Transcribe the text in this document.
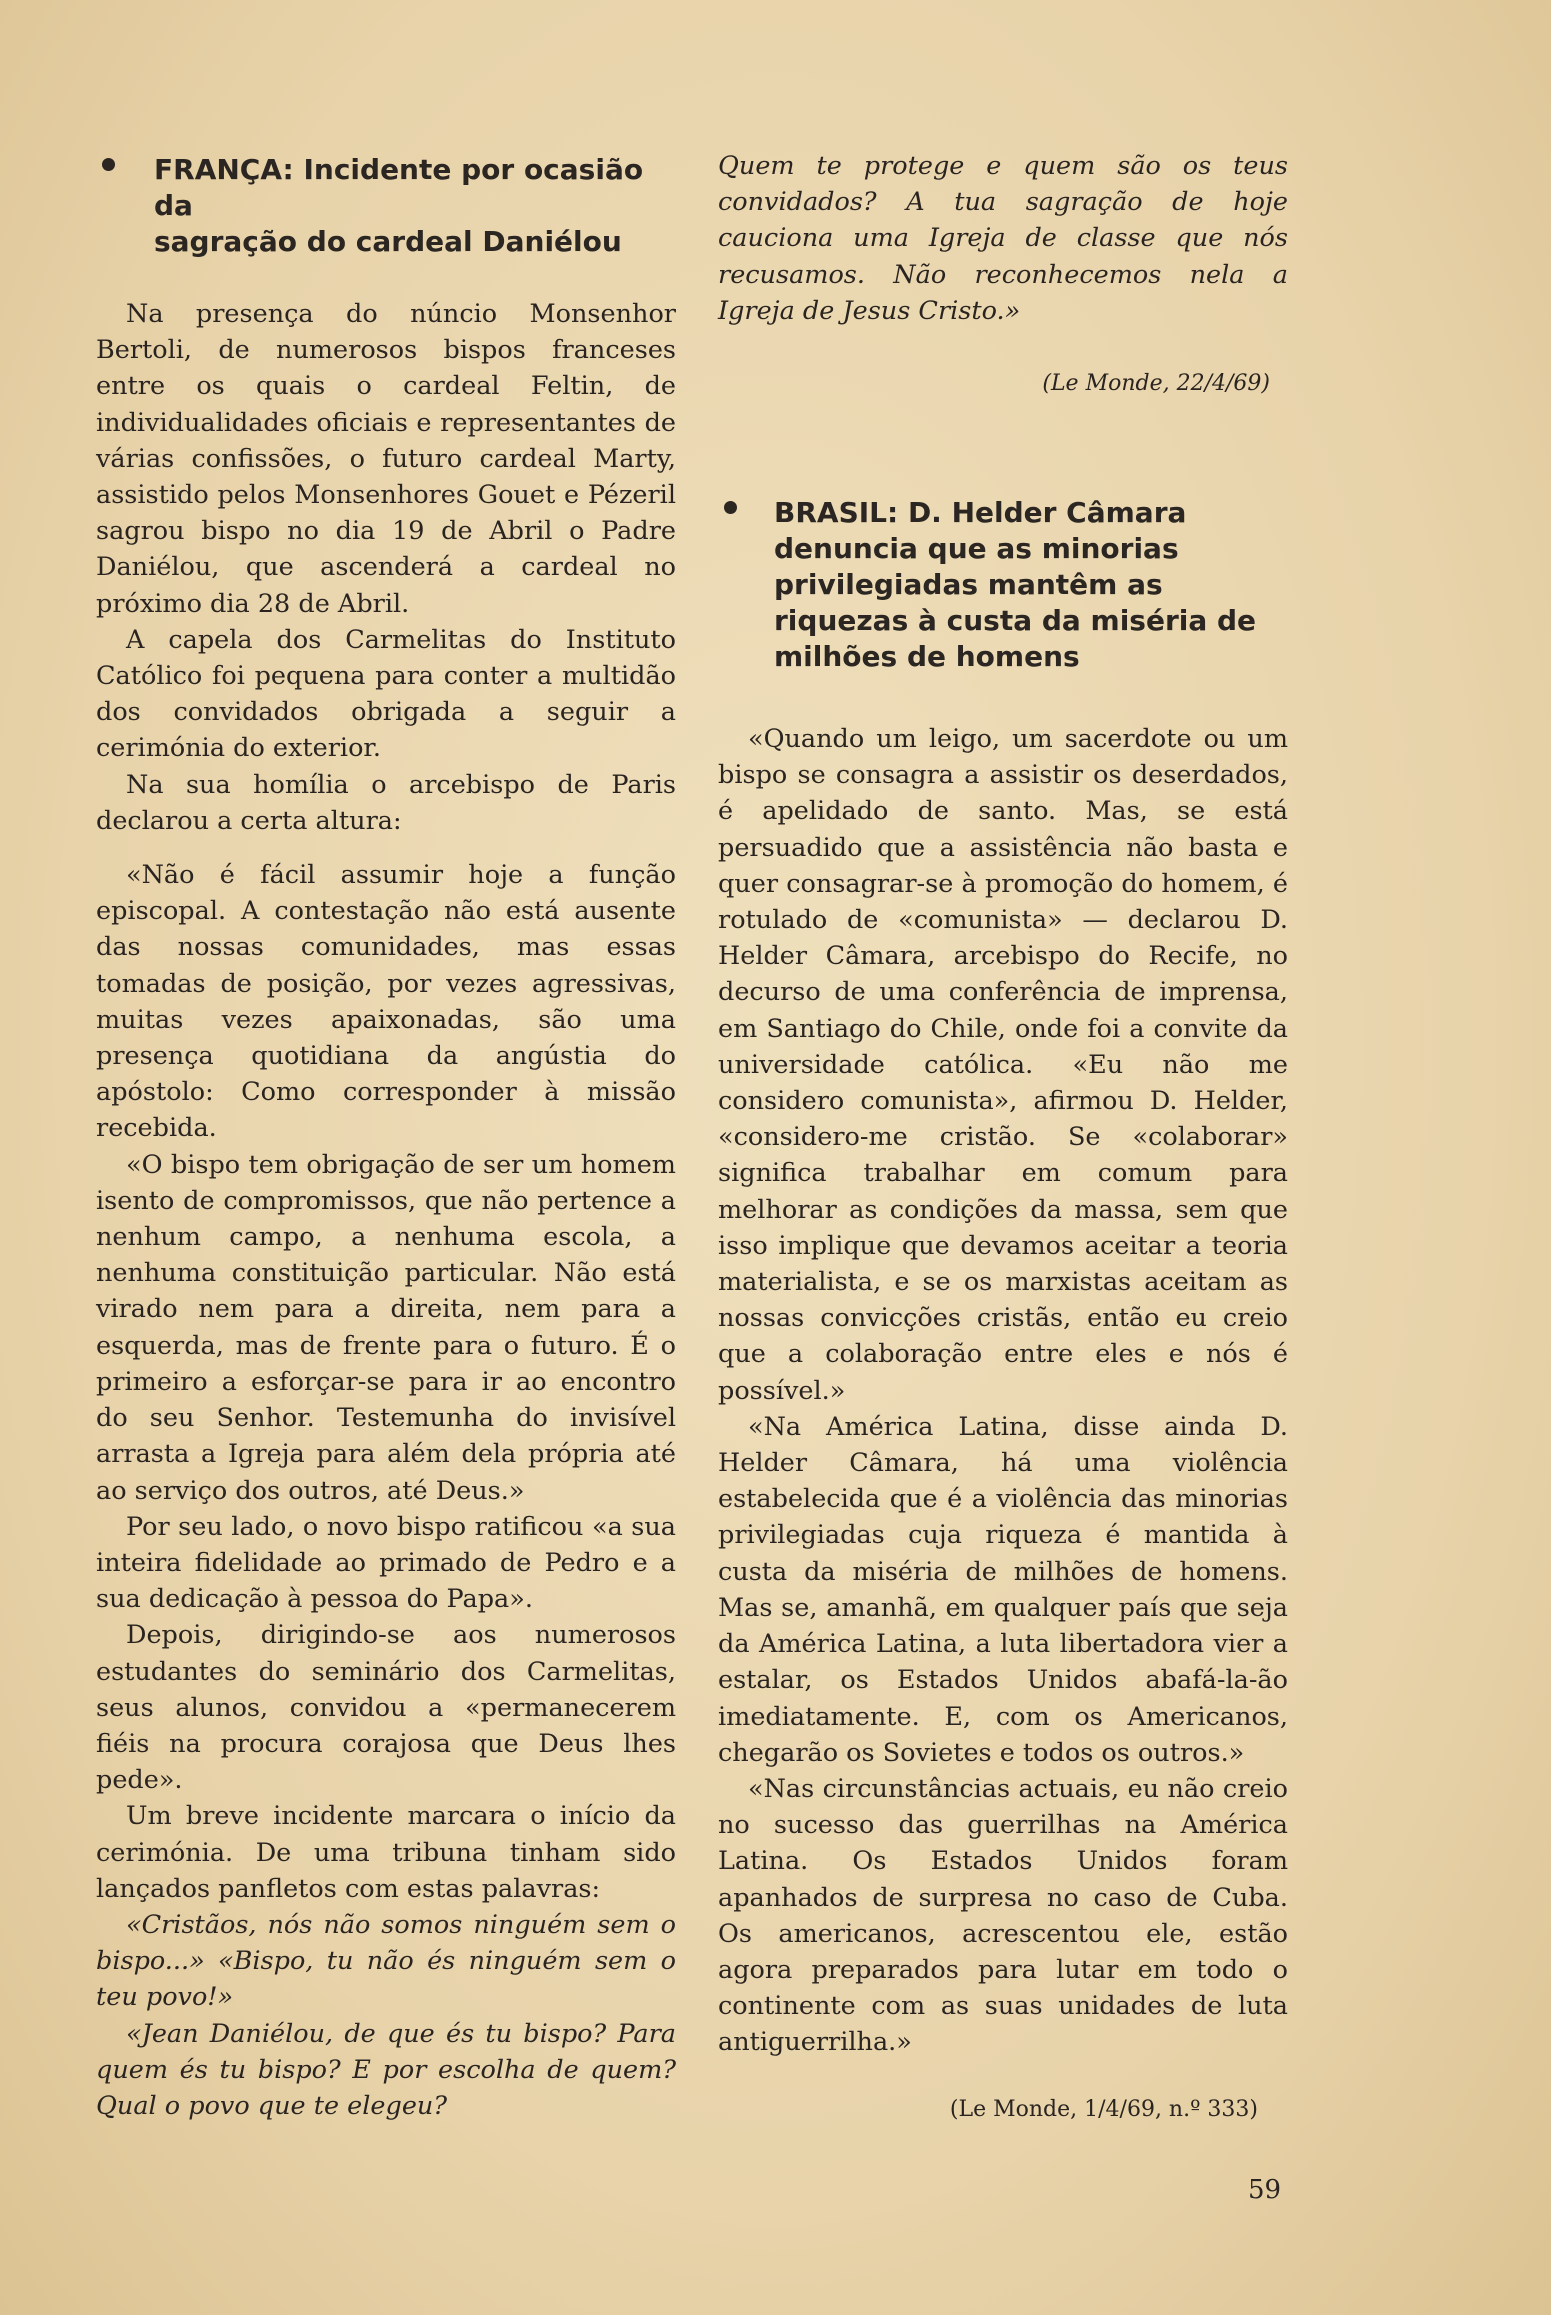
FRANÇA: Incidente por ocasião da
sagração do cardeal Daniélou

Na presença do núncio Monsenhor Bertoli, de numerosos bispos franceses entre os quais o cardeal Feltin, de individualidades oficiais e representantes de várias confissões, o futuro cardeal Marty, assistido pelos Monsenhores Gouet e Pézeril sagrou bispo no dia 19 de Abril o Padre Daniélou, que ascenderá a cardeal no próximo dia 28 de Abril.

A capela dos Carmelitas do Instituto Católico foi pequena para conter a multidão dos convidados obrigada a seguir a cerimónia do exterior.

Na sua homília o arcebispo de Paris declarou a certa altura:

«Não é fácil assumir hoje a função episcopal. A contestação não está ausente das nossas comunidades, mas essas tomadas de posição, por vezes agressivas, muitas vezes apaixonadas, são uma presença quotidiana da angústia do apóstolo: Como corresponder à missão recebida.

«O bispo tem obrigação de ser um homem isento de compromissos, que não pertence a nenhum campo, a nenhuma escola, a nenhuma constituição particular. Não está virado nem para a direita, nem para a esquerda, mas de frente para o futuro. É o primeiro a esforçar-se para ir ao encontro do seu Senhor. Testemunha do invisível arrasta a Igreja para além dela própria até ao serviço dos outros, até Deus.»

Por seu lado, o novo bispo ratificou «a sua inteira fidelidade ao primado de Pedro e a sua dedicação à pessoa do Papa».

Depois, dirigindo-se aos numerosos estudantes do seminário dos Carmelitas, seus alunos, convidou a «permanecerem fiéis na procura corajosa que Deus lhes pede».

Um breve incidente marcara o início da cerimónia. De uma tribuna tinham sido lançados panfletos com estas palavras:

«Cristãos, nós não somos ninguém sem o bispo...» «Bispo, tu não és ninguém sem o teu povo!»

«Jean Daniélou, de que és tu bispo? Para quem és tu bispo? E por escolha de quem? Qual o povo que te elegeu?

Quem te protege e quem são os teus convidados? A tua sagração de hoje cauciona uma Igreja de classe que nós recusamos. Não reconhecemos nela a Igreja de Jesus Cristo.»

(Le Monde, 22/4/69)
BRASIL: D. Helder Câmara denuncia que as minorias privilegiadas mantêm as riquezas à custa da miséria de milhões de homens

«Quando um leigo, um sacerdote ou um bispo se consagra a assistir os deserdados, é apelidado de santo. Mas, se está persuadido que a assistência não basta e quer consagrar-se à promoção do homem, é rotulado de «comunista» — declarou D. Helder Câmara, arcebispo do Recife, no decurso de uma conferência de imprensa, em Santiago do Chile, onde foi a convite da universidade católica. «Eu não me considero comunista», afirmou D. Helder, «considero-me cristão. Se «colaborar» significa trabalhar em comum para melhorar as condições da massa, sem que isso implique que devamos aceitar a teoria materialista, e se os marxistas aceitam as nossas convicções cristãs, então eu creio que a colaboração entre eles e nós é possível.»

«Na América Latina, disse ainda D. Helder Câmara, há uma violência estabelecida que é a violência das minorias privilegiadas cuja riqueza é mantida à custa da miséria de milhões de homens. Mas se, amanhã, em qualquer país que seja da América Latina, a luta libertadora vier a estalar, os Estados Unidos abafá-la-ão imediatamente. E, com os Americanos, chegarão os Sovietes e todos os outros.»

«Nas circunstâncias actuais, eu não creio no sucesso das guerrilhas na América Latina. Os Estados Unidos foram apanhados de surpresa no caso de Cuba. Os americanos, acrescentou ele, estão agora preparados para lutar em todo o continente com as suas unidades de luta antiguerrilha.»

(Le Monde, 1/4/69, n.º 333)
59
